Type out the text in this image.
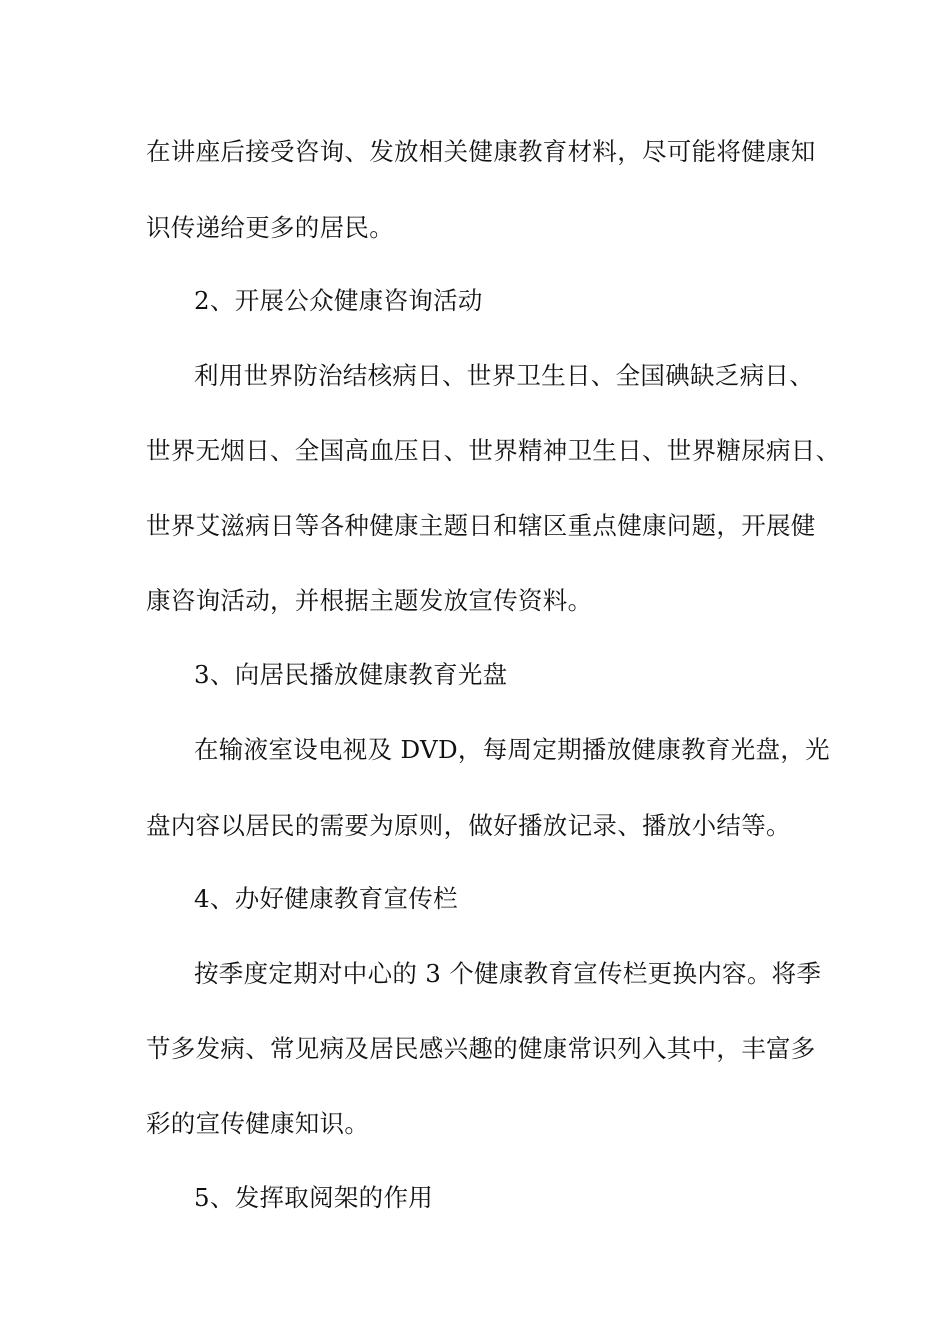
在讲座后接受咨询、发放相关健康教育材料，尽可能将健康知
识传递给更多的居民。
2、开展公众健康咨询活动
利用世界防治结核病日、世界卫生日、全国碘缺乏病日、
世界无烟日、全国高血压日、世界精神卫生日、世界糖尿病日、
世界艾滋病日等各种健康主题日和辖区重点健康问题，开展健
康咨询活动，并根据主题发放宣传资料。
3、向居民播放健康教育光盘
在输液室设电视及 DVD，每周定期播放健康教育光盘，光
盘内容以居民的需要为原则，做好播放记录、播放小结等。
4、办好健康教育宣传栏
按季度定期对中心的 3 个健康教育宣传栏更换内容。将季
节多发病、常见病及居民感兴趣的健康常识列入其中，丰富多
彩的宣传健康知识。
5、发挥取阅架的作用
